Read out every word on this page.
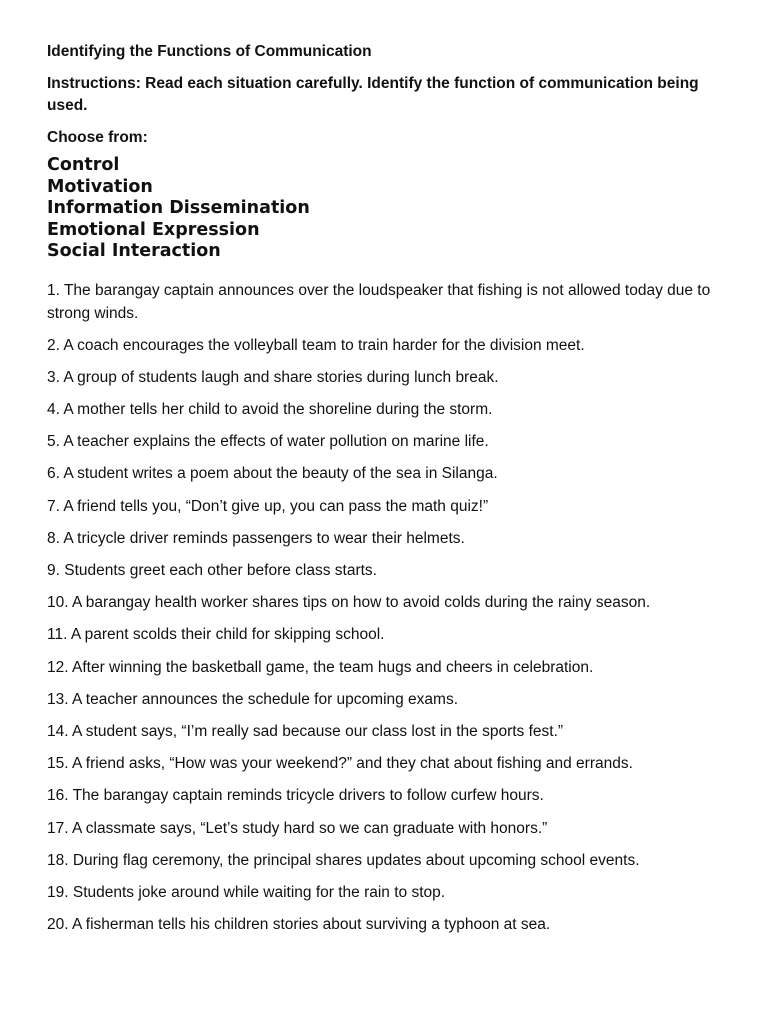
Identifying the Functions of Communication
Instructions: Read each situation carefully. Identify the function of communication being used.
Choose from:
Control
Motivation
Information Dissemination
Emotional Expression
Social Interaction
1. The barangay captain announces over the loudspeaker that fishing is not allowed today due to strong winds.
2. A coach encourages the volleyball team to train harder for the division meet.
3. A group of students laugh and share stories during lunch break.
4. A mother tells her child to avoid the shoreline during the storm.
5. A teacher explains the effects of water pollution on marine life.
6. A student writes a poem about the beauty of the sea in Silanga.
7. A friend tells you, “Don’t give up, you can pass the math quiz!”
8. A tricycle driver reminds passengers to wear their helmets.
9. Students greet each other before class starts.
10. A barangay health worker shares tips on how to avoid colds during the rainy season.
11. A parent scolds their child for skipping school.
12. After winning the basketball game, the team hugs and cheers in celebration.
13. A teacher announces the schedule for upcoming exams.
14. A student says, “I’m really sad because our class lost in the sports fest.”
15. A friend asks, “How was your weekend?” and they chat about fishing and errands.
16. The barangay captain reminds tricycle drivers to follow curfew hours.
17. A classmate says, “Let’s study hard so we can graduate with honors.”
18. During flag ceremony, the principal shares updates about upcoming school events.
19. Students joke around while waiting for the rain to stop.
20. A fisherman tells his children stories about surviving a typhoon at sea.
